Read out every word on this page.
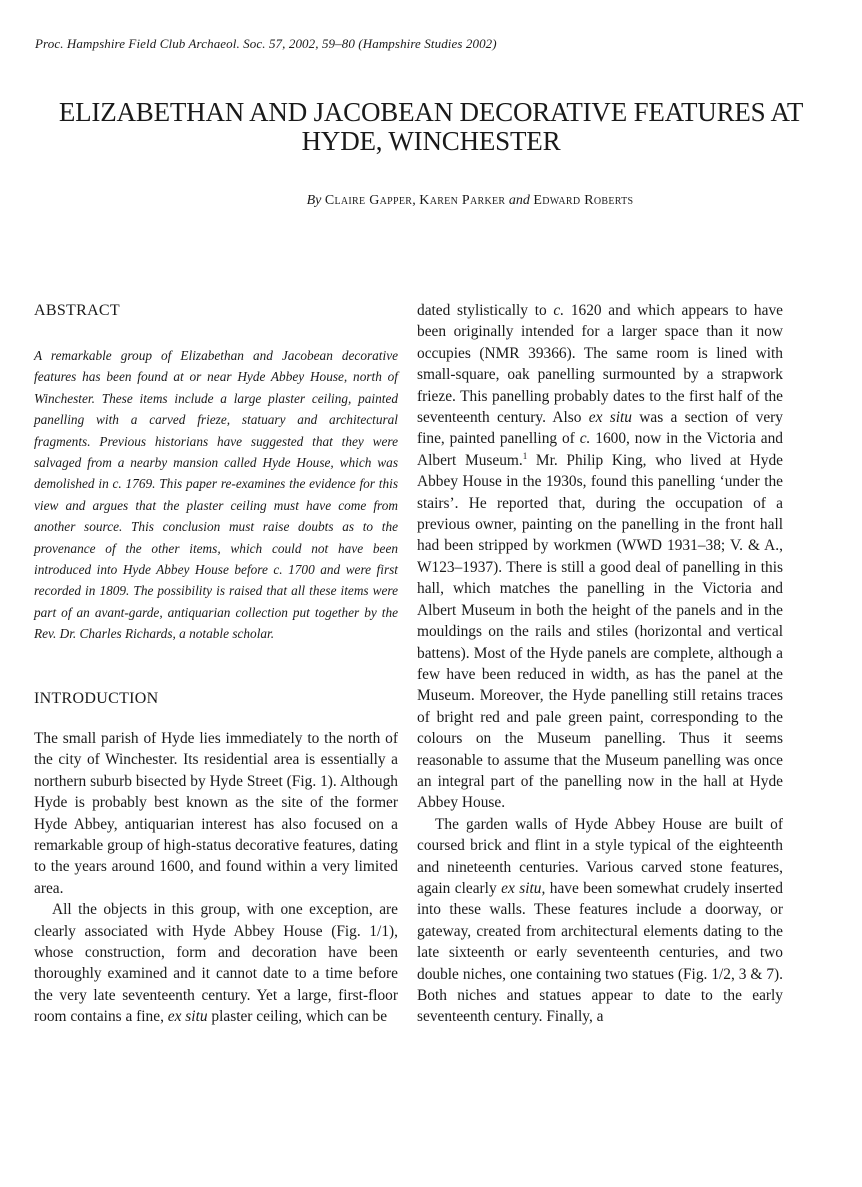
Proc. Hampshire Field Club Archaeol. Soc. 57, 2002, 59–80 (Hampshire Studies 2002)
ELIZABETHAN AND JACOBEAN DECORATIVE FEATURES AT
HYDE, WINCHESTER
By Claire Gapper, Karen Parker and Edward Roberts
ABSTRACT

A remarkable group of Elizabethan and Jacobean decorative features has been found at or near Hyde Abbey House, north of Winchester. These items include a large plaster ceiling, painted panelling with a carved frieze, statuary and architectural fragments. Previous historians have suggested that they were salvaged from a nearby mansion called Hyde House, which was demolished in c. 1769. This paper re-examines the evidence for this view and argues that the plaster ceiling must have come from another source. This conclusion must raise doubts as to the provenance of the other items, which could not have been introduced into Hyde Abbey House before c. 1700 and were first recorded in 1809. The possibility is raised that all these items were part of an avant-garde, antiquarian collection put together by the Rev. Dr. Charles Richards, a notable scholar.

INTRODUCTION

The small parish of Hyde lies immediately to the north of the city of Winchester. Its residential area is essentially a northern suburb bisected by Hyde Street (Fig. 1). Although Hyde is probably best known as the site of the former Hyde Abbey, antiquarian interest has also focused on a remarkable group of high-status decorative features, dating to the years around 1600, and found within a very limited area.

All the objects in this group, with one exception, are clearly associated with Hyde Abbey House (Fig. 1/1), whose construction, form and decoration have been thoroughly examined and it cannot date to a time before the very late seventeenth century. Yet a large, first-floor room contains a fine, ex situ plaster ceiling, which can be

dated stylistically to c. 1620 and which appears to have been originally intended for a larger space than it now occupies (NMR 39366). The same room is lined with small-square, oak panelling surmounted by a strapwork frieze. This panelling probably dates to the first half of the seventeenth century. Also ex situ was a section of very fine, painted panelling of c. 1600, now in the Victoria and Albert Museum.$^1$ Mr. Philip King, who lived at Hyde Abbey House in the 1930s, found this panelling ‘under the stairs’. He reported that, during the occupation of a previous owner, painting on the panelling in the front hall had been stripped by workmen (WWD 1931–38; V. & A., W123–1937). There is still a good deal of panelling in this hall, which matches the panelling in the Victoria and Albert Museum in both the height of the panels and in the mouldings on the rails and stiles (horizontal and vertical battens). Most of the Hyde panels are complete, although a few have been reduced in width, as has the panel at the Museum. Moreover, the Hyde panelling still retains traces of bright red and pale green paint, corresponding to the colours on the Museum panelling. Thus it seems reasonable to assume that the Museum panelling was once an integral part of the panelling now in the hall at Hyde Abbey House.

The garden walls of Hyde Abbey House are built of coursed brick and flint in a style typical of the eighteenth and nineteenth centuries. Various carved stone features, again clearly ex situ, have been somewhat crudely inserted into these walls. These features include a doorway, or gateway, created from architectural elements dating to the late sixteenth or early seventeenth centuries, and two double niches, one containing two statues (Fig. 1/2, 3 & 7). Both niches and statues appear to date to the early seventeenth century. Finally, a
